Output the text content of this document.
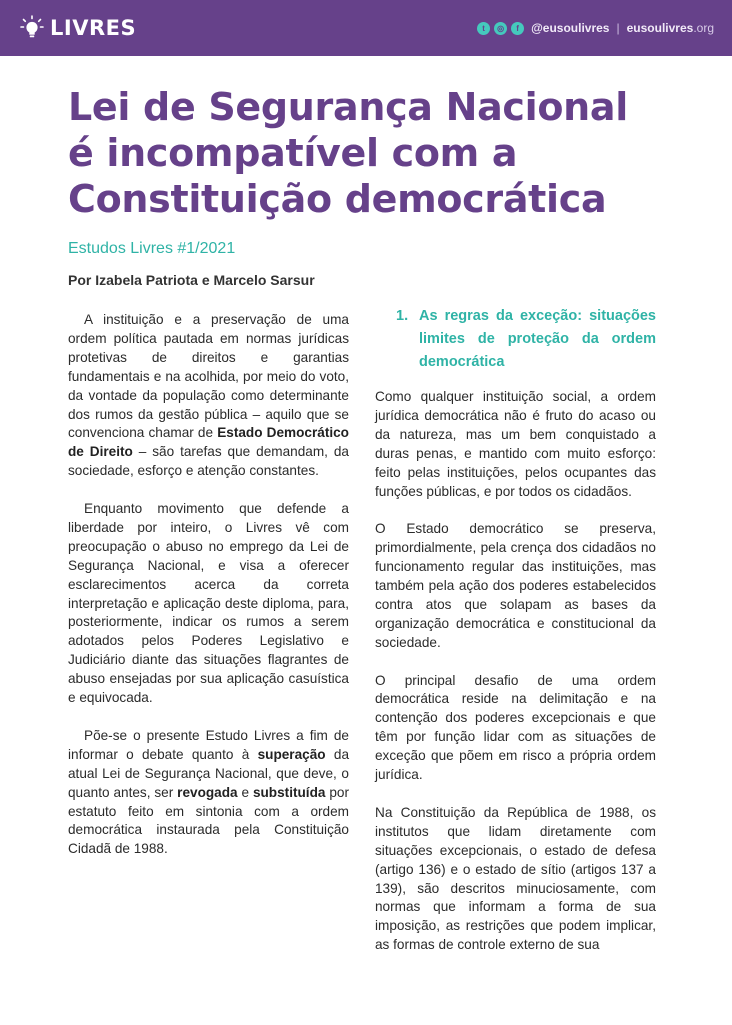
LIVRES	t	◎	f	@eusoulivres | eusoulivres.org
Lei de Segurança Nacional
é incompatível com a
Constituição democrática
Estudos Livres #1/2021
Por Izabela Patriota e Marcelo Sarsur

A instituição e a preservação de uma ordem política pautada em normas jurídicas protetivas de direitos e garantias fundamentais e na acolhida, por meio do voto, da vontade da população como determinante dos rumos da gestão pública – aquilo que se convenciona chamar de Estado Democrático de Direito – são tarefas que demandam, da sociedade, esforço e atenção constantes.

Enquanto movimento que defende a liberdade por inteiro, o Livres vê com preocupação o abuso no emprego da Lei de Segurança Nacional, e visa a oferecer esclarecimentos acerca da correta interpretação e aplicação deste diploma, para, posteriormente, indicar os rumos a serem adotados pelos Poderes Legislativo e Judiciário diante das situações flagrantes de abuso ensejadas por sua aplicação casuística e equivocada.

Põe-se o presente Estudo Livres a fim de informar o debate quanto à superação da atual Lei de Segurança Nacional, que deve, o quanto antes, ser revogada e substituída por estatuto feito em sintonia com a ordem democrática instaurada pela Constituição Cidadã de 1988.

1. As regras da exceção: situações limites de proteção da ordem democrática

Como qualquer instituição social, a ordem jurídica democrática não é fruto do acaso ou da natureza, mas um bem conquistado a duras penas, e mantido com muito esforço: feito pelas instituições, pelos ocupantes das funções públicas, e por todos os cidadãos.

O Estado democrático se preserva, primordialmente, pela crença dos cidadãos no funcionamento regular das instituições, mas também pela ação dos poderes estabelecidos contra atos que solapam as bases da organização democrática e constitucional da sociedade.

O principal desafio de uma ordem democrática reside na delimitação e na contenção dos poderes excepcionais e que têm por função lidar com as situações de exceção que põem em risco a própria ordem jurídica.

Na Constituição da República de 1988, os institutos que lidam diretamente com situações excepcionais, o estado de defesa (artigo 136) e o estado de sítio (artigos 137 a 139), são descritos minuciosamente, com normas que informam a forma de sua imposição, as restrições que podem implicar, as formas de controle externo de sua
